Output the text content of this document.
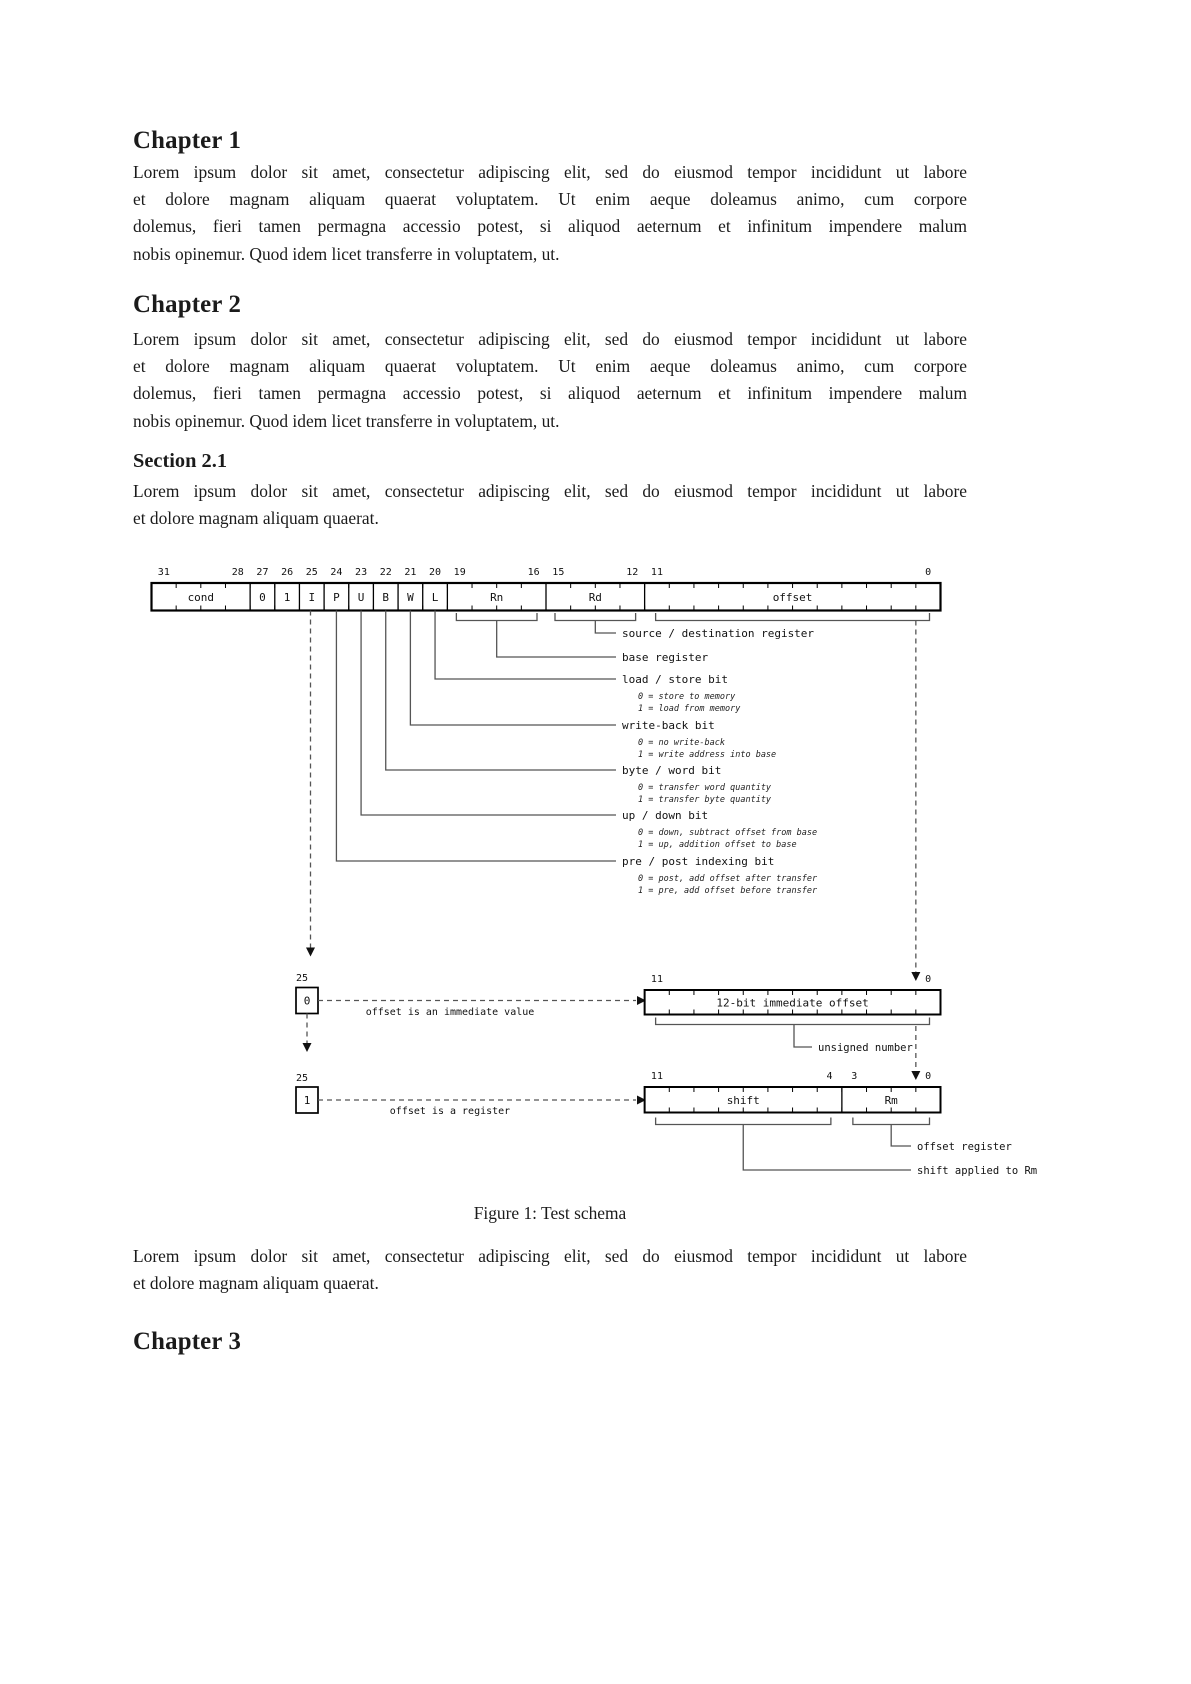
cond	0 1 I P U B W L	Rn	Rd	offset
31	28 27 26 25 24 23 22 21 20 19	16 15	12 11	0
source / destination register
base register
load / store bit
0 = store to memory
1 = load from memory
write-back bit
0 = no write-back
1 = write address into base
byte / word bit
0 = transfer word quantity
1 = transfer byte quantity
up / down bit
0 = down, subtract offset from base
1 = up, addition offset to base
pre / post indexing bit
0 = post, add offset after transfer
1 = pre, add offset before transfer
25
0
25
1
offset is an immediate value
offset is a register
12-bit immediate offset
11	0
unsigned number
shift	Rm
11	4 3	0
offset register
shift applied to Rm
Chapter 1
Lorem ipsum dolor sit amet, consectetur adipiscing elit, sed do eiusmod tempor incididunt ut labore
et dolore magnam aliquam quaerat voluptatem. Ut enim aeque doleamus animo, cum corpore
dolemus, fieri tamen permagna accessio potest, si aliquod aeternum et infinitum impendere malum
nobis opinemur. Quod idem licet transferre in voluptatem, ut.
Chapter 2
Lorem ipsum dolor sit amet, consectetur adipiscing elit, sed do eiusmod tempor incididunt ut labore
et dolore magnam aliquam quaerat voluptatem. Ut enim aeque doleamus animo, cum corpore
dolemus, fieri tamen permagna accessio potest, si aliquod aeternum et infinitum impendere malum
nobis opinemur. Quod idem licet transferre in voluptatem, ut.
Section 2.1
Lorem ipsum dolor sit amet, consectetur adipiscing elit, sed do eiusmod tempor incididunt ut labore
et dolore magnam aliquam quaerat.
Figure 1: Test schema
Lorem ipsum dolor sit amet, consectetur adipiscing elit, sed do eiusmod tempor incididunt ut labore
et dolore magnam aliquam quaerat.
Chapter 3
